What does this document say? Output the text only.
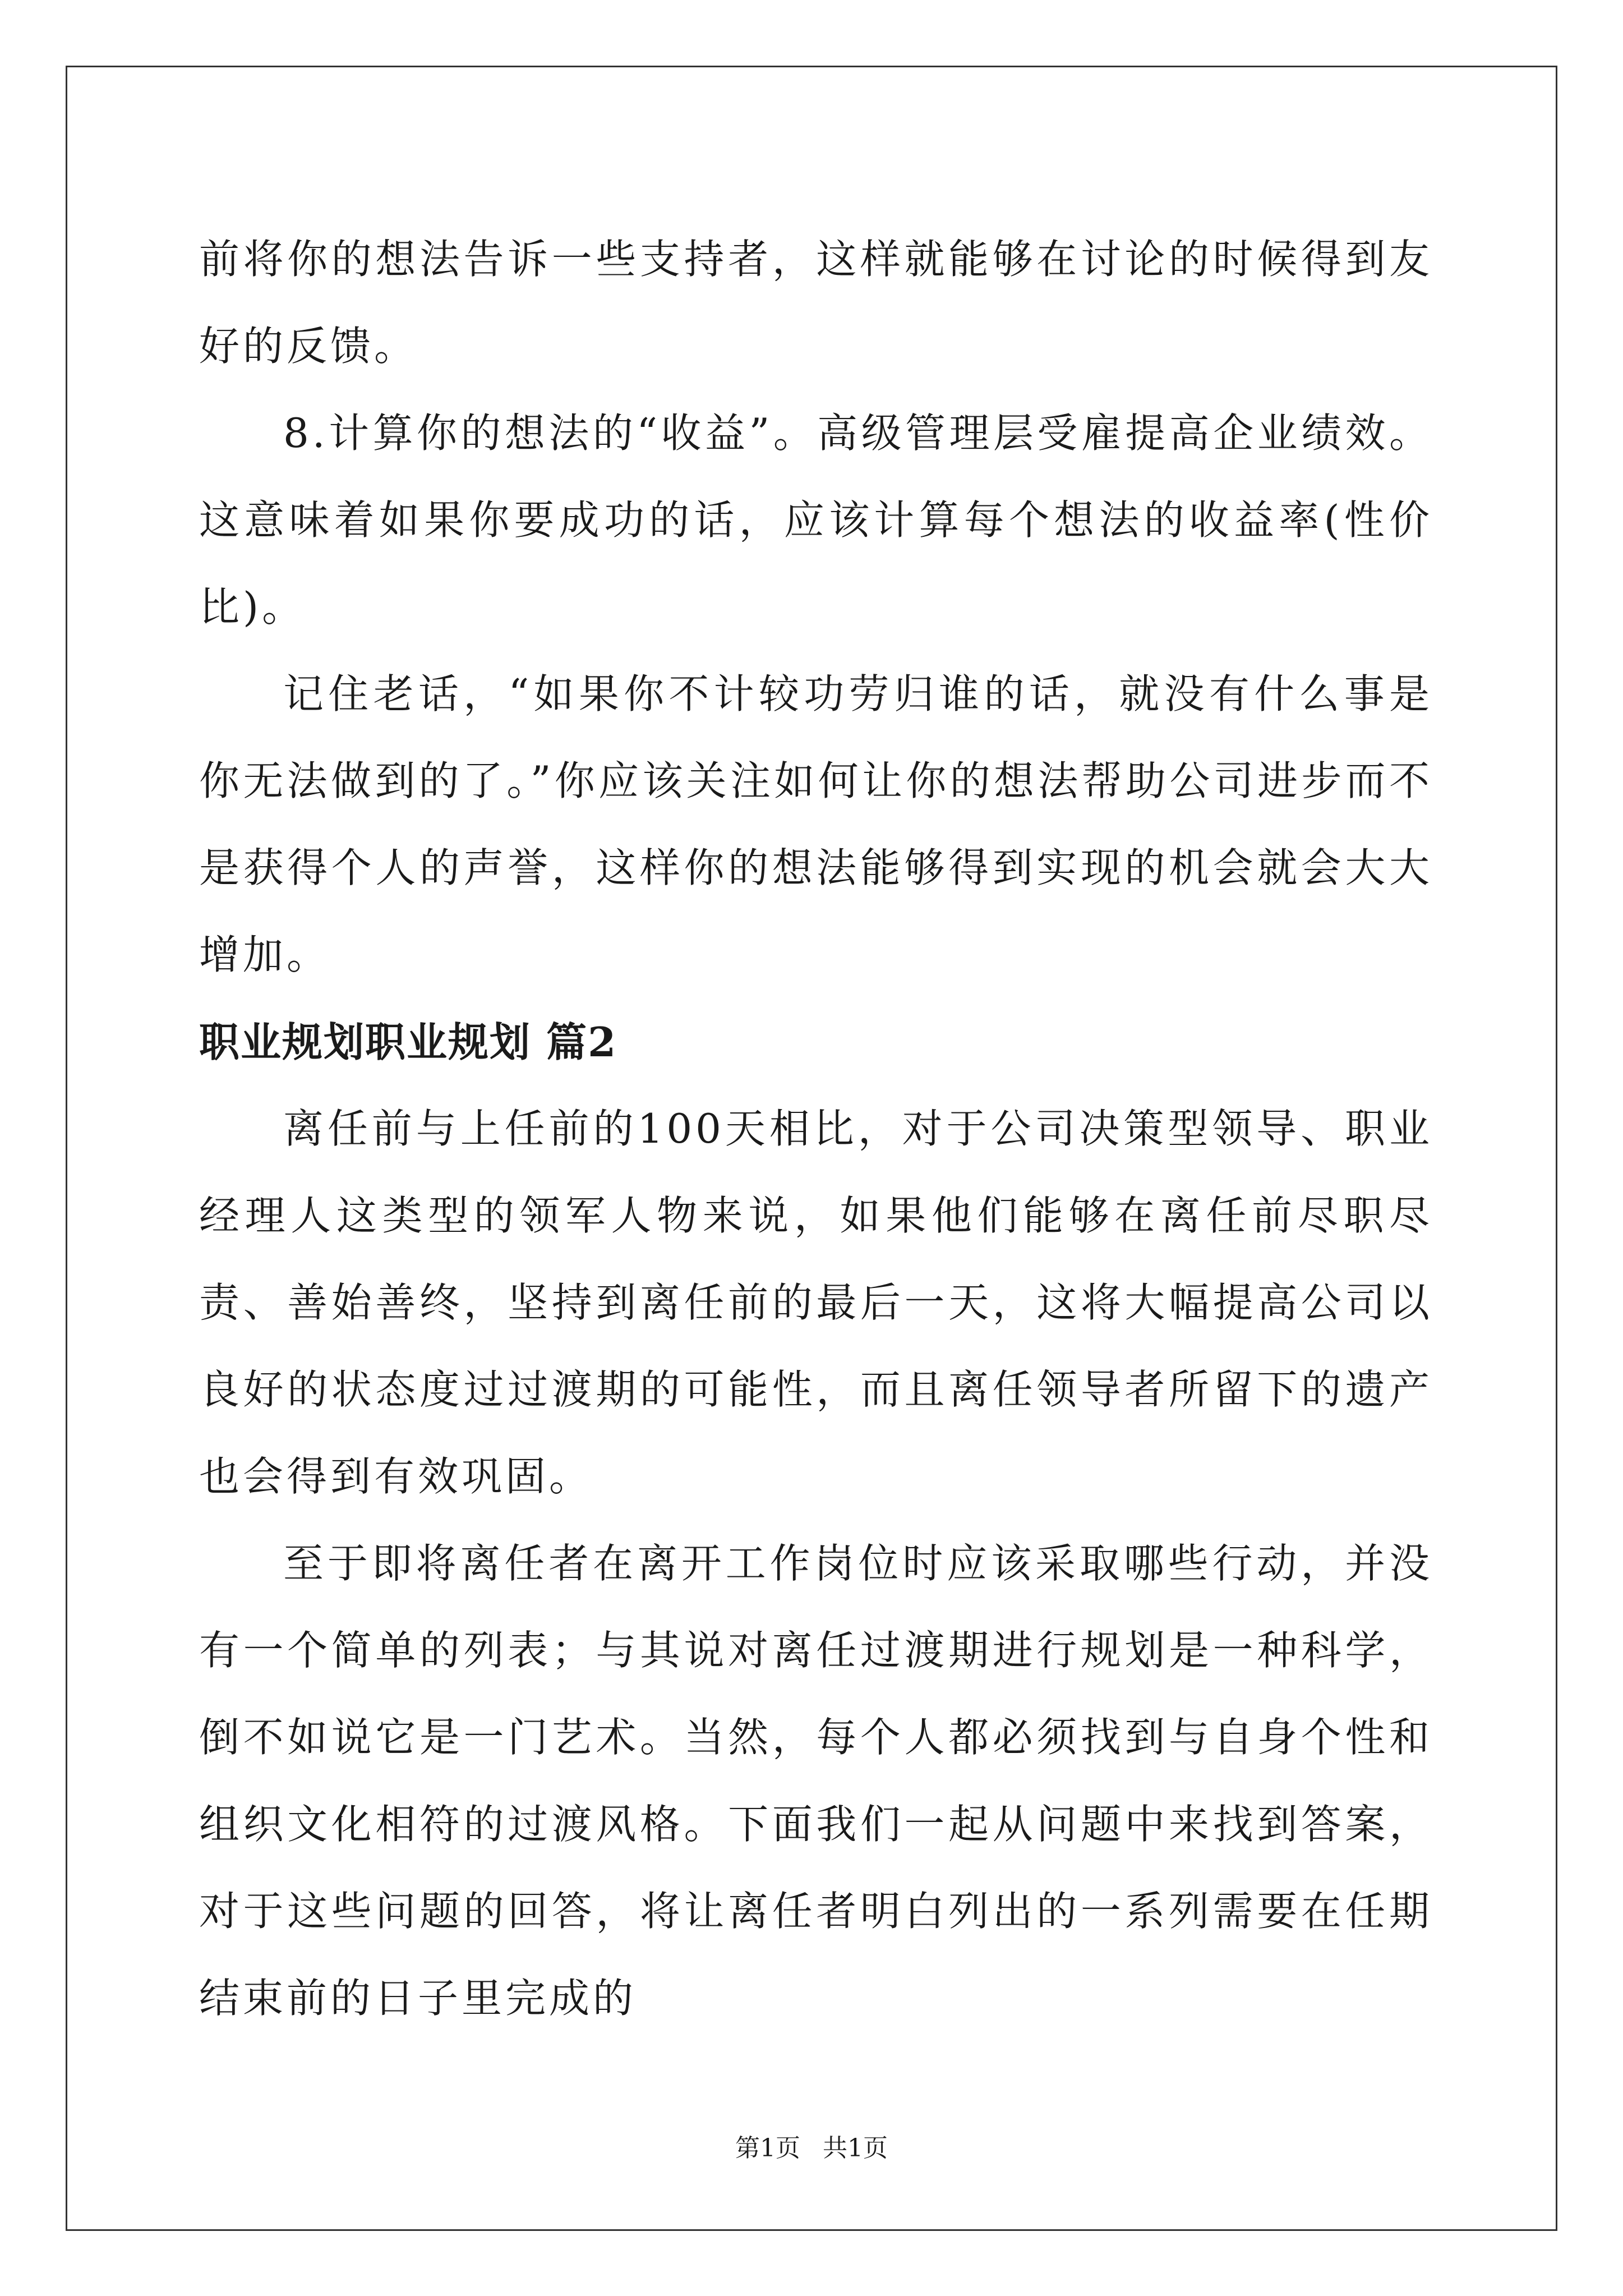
前将你的想法告诉一些支持者，这样就能够在讨论的时候得到友好的反馈。

8.计算你的想法的“收益”。高级管理层受雇提高企业绩效。这意味着如果你要成功的话，应该计算每个想法的收益率(性价比)。

记住老话，“如果你不计较功劳归谁的话，就没有什么事是你无法做到的了。”你应该关注如何让你的想法帮助公司进步而不是获得个人的声誉，这样你的想法能够得到实现的机会就会大大增加。

职业规划职业规划 篇2

离任前与上任前的100天相比，对于公司决策型领导、职业经理人这类型的领军人物来说，如果他们能够在离任前尽职尽责、善始善终，坚持到离任前的最后一天，这将大幅提高公司以良好的状态度过过渡期的可能性，而且离任领导者所留下的遗产也会得到有效巩固。

至于即将离任者在离开工作岗位时应该采取哪些行动，并没有一个简单的列表；与其说对离任过渡期进行规划是一种科学，倒不如说它是一门艺术。当然，每个人都必须找到与自身个性和组织文化相符的过渡风格。下面我们一起从问题中来找到答案，对于这些问题的回答，将让离任者明白列出的一系列需要在任期结束前的日子里完成的

第1页 共1页
